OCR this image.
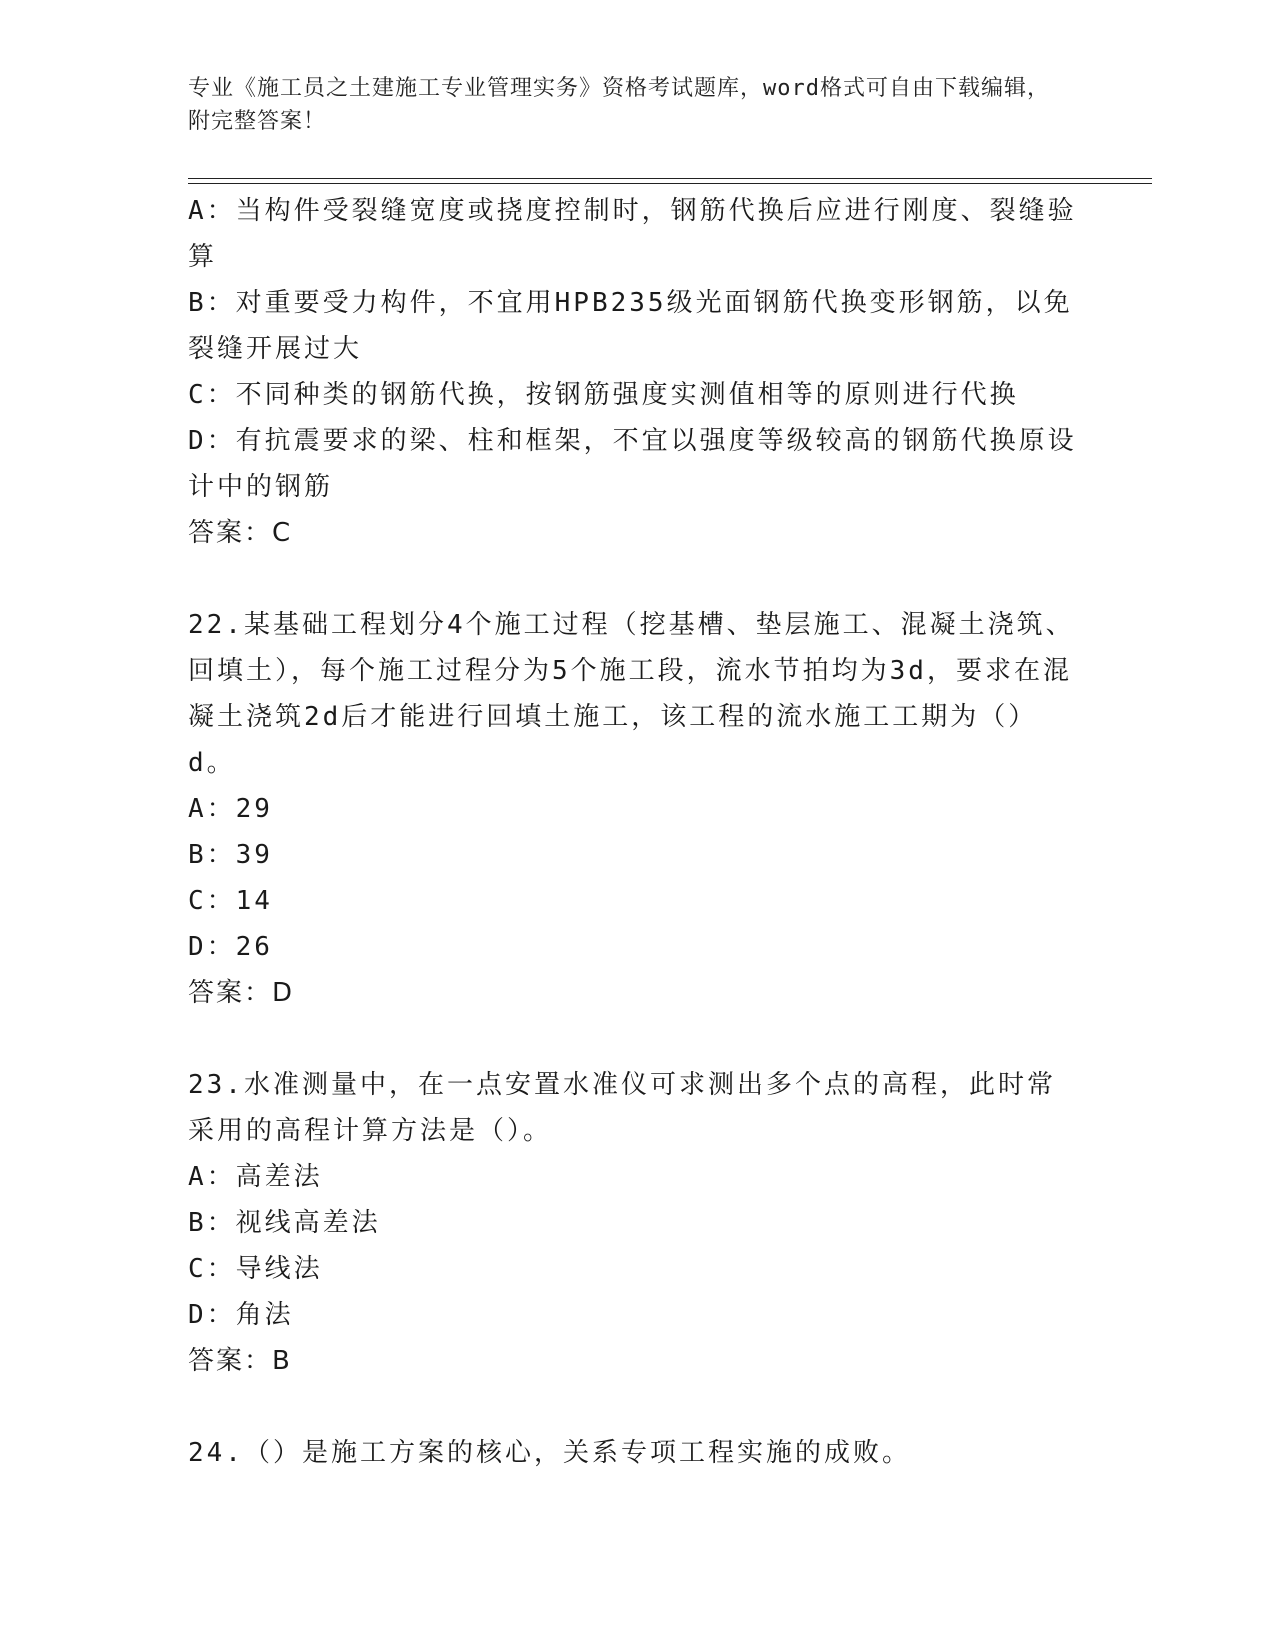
专业《施工员之土建施工专业管理实务》资格考试题库，word格式可自由下载编辑，附完整答案！
A：当构件受裂缝宽度或挠度控制时，钢筋代换后应进行刚度、裂缝验算
B：对重要受力构件，不宜用HPB235级光面钢筋代换变形钢筋，以免裂缝开展过大
C：不同种类的钢筋代换，按钢筋强度实测值相等的原则进行代换
D：有抗震要求的梁、柱和框架，不宜以强度等级较高的钢筋代换原设计中的钢筋
答案：C
22.某基础工程划分4个施工过程（挖基槽、垫层施工、混凝土浇筑、回填土），每个施工过程分为5个施工段，流水节拍均为3d，要求在混凝土浇筑2d后才能进行回填土施工，该工程的流水施工工期为（）d。
A：29
B：39
C：14
D：26
答案：D
23.水准测量中，在一点安置水准仪可求测出多个点的高程，此时常采用的高程计算方法是（）。
A：高差法
B：视线高差法
C：导线法
D：角法
答案：B
24.（）是施工方案的核心，关系专项工程实施的成败。
